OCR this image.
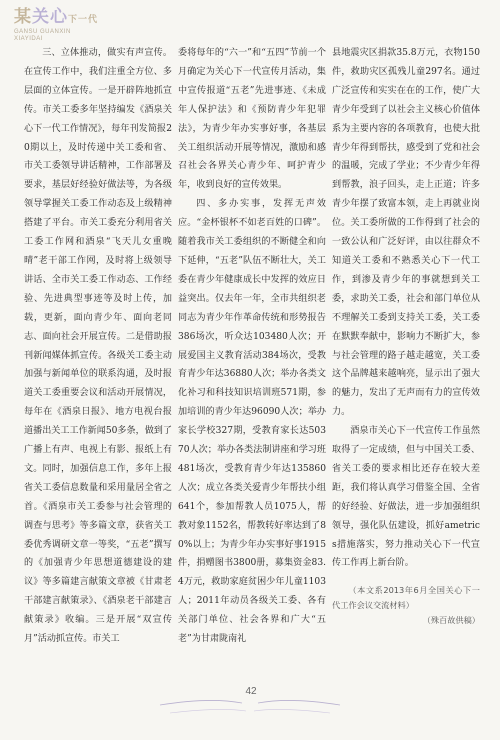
某关心下一代
GANSU GUANXIN
XIAYIDAI

三、立体推动，做实有声宣传。在宣传工作中，我们注重全方位、多层面的立体宣传。一是开辟阵地抓宣传。市关工委多年坚持编发《酒泉关心下一代工作情况》，每年刊发简报20期以上，及时传递中关工委和省、市关工委领导讲话精神，工作部署及要求，基层好经验好做法等，为各级领导掌握关工委工作动态及上级精神搭建了平台。市关工委充分利用省关工委工作网和酒泉“飞天儿女重晚晴”老干部工作网，及时将上级领导讲话、全市关工委工作动态、工作经验、先进典型事迹等及时上传，加载，更新，面向青少年、面向老同志、面向社会开展宣传。二是借助报刊新闻媒体抓宣传。各级关工委主动加强与新闻单位的联系沟通，及时报道关工委重要会议和活动开展情况，每年在《酒泉日报》、地方电视台报道播出关工工作新闻50多条，做到了广播上有声、电视上有影、报纸上有文。同时，加强信息工作，多年上报省关工委信息数量和采用量居全省之首。《酒泉市关工委参与社会管理的调查与思考》等多篇文章，获省关工委优秀调研文章一等奖，“五老”撰写的《加强青少年思想道德建设的建议》等多篇建言献策文章被《甘肃老干部建言献策录》、《酒泉老干部建言献策录》收编。三是开展“双宣传月”活动抓宣传。市关工

委将每年的“六一”和“五四”节前一个月确定为关心下一代宣传月活动，集中宣传报道“五老”先进事迹、《未成年人保护法》和《预防青少年犯罪法》，为青少年办实事好事，各基层关工组织活动开展等情况，激励和感召社会各界关心青少年、呵护青少年，收到良好的宣传效果。

四、多办实事，发挥无声效应。“金杯银杯不如老百姓的口碑”。随着我市关工委组织的不断健全和向下延伸，“五老”队伍不断壮大，关工委在青少年健康成长中发挥的效应日益突出。仅去年一年，全市共组织老同志为青少年作革命传统和形势报告386场次，听众达103480人次；开展爱国主义教育活动384场次，受教育青少年达36880人次；举办各类文化补习和科技知识培训班571期，参加培训的青少年达96090人次；举办家长学校327期，受教育家长达50370人次；举办各类法制讲座和学习班481场次，受教育青少年达135860人次；成立各类关爱青少年帮扶小组641个，参加帮教人员1075人，帮教对象1152名，帮教转好率达到了80%以上；为青少年办实事好事1915件，捐赠图书3800册，募集资金83.4万元，救助家庭贫困少年儿童1103人；2011年动员各级关工委、各有关部门单位、社会各界和广大“五老”为甘肃陇南礼

县地震灾区捐款35.8万元，衣物150件，救助灾区孤残儿童297名。通过广泛宣传和实实在在的工作，使广大青少年受到了以社会主义核心价值体系为主要内容的各项教育，也使大批青少年得到帮扶，感受到了党和社会的温暖，完成了学业；不少青少年得到帮教，浪子回头，走上正道；许多青少年摆了致富本领，走上再就业岗位。关工委所做的工作得到了社会的一致公认和广泛好评，由以往群众不知道关工委和不熟悉关心下一代工作，到渗及青少年的事就想到关工委，求助关工委，社会和部门单位从不理解关工委到支持关工委，关工委在默默奉献中，影响力不断扩大，参与社会管理的路子越走越宽，关工委这个品牌越来越响亮，显示出了强大的魅力，发出了无声而有力的宣传效力。

酒泉市关心下一代宣传工作虽然取得了一定成绩，但与中国关工委、省关工委的要求相比还存在较大差距，我们将认真学习借鉴全国、全省的好经验、好做法，进一步加强组织领导，强化队伍建设，抓好ametrics措施落实，努力推动关心下一代宣传工作再上新台阶。

（本文系2013年6月全国关心下一代工作会议交流材料）

（殊百故供稿）

42
